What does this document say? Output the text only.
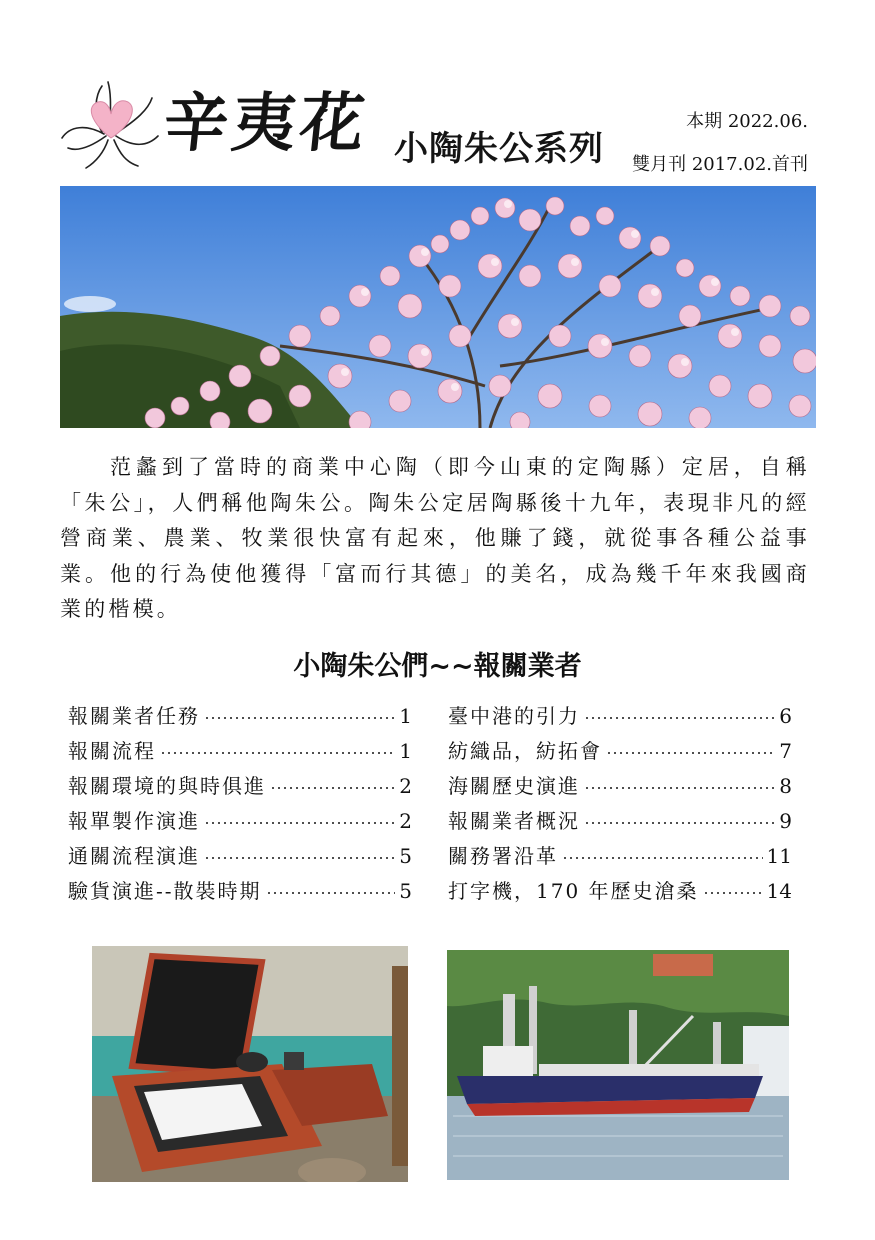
辛夷花 小陶朱公系列
本期 2022.06.
雙月刊 2017.02.首刊

范蠡到了當時的商業中心陶（即今山東的定陶縣）定居，自稱「朱公」，人們稱他陶朱公。陶朱公定居陶縣後十九年，表現非凡的經營商業、農業、牧業很快富有起來，他賺了錢，就從事各種公益事業。他的行為使他獲得「富而行其德」的美名，成為幾千年來我國商業的楷模。

小陶朱公們~~報關業者
報關業者任務	1
報關流程	1
報關環境的與時俱進	2
報單製作演進	2
通關流程演進	5
驗貨演進--散裝時期	5
臺中港的引力	6
紡織品，紡拓會	7
海關歷史演進	8
報關業者概況	9
關務署沿革	11
打字機，170 年歷史滄桑	14
